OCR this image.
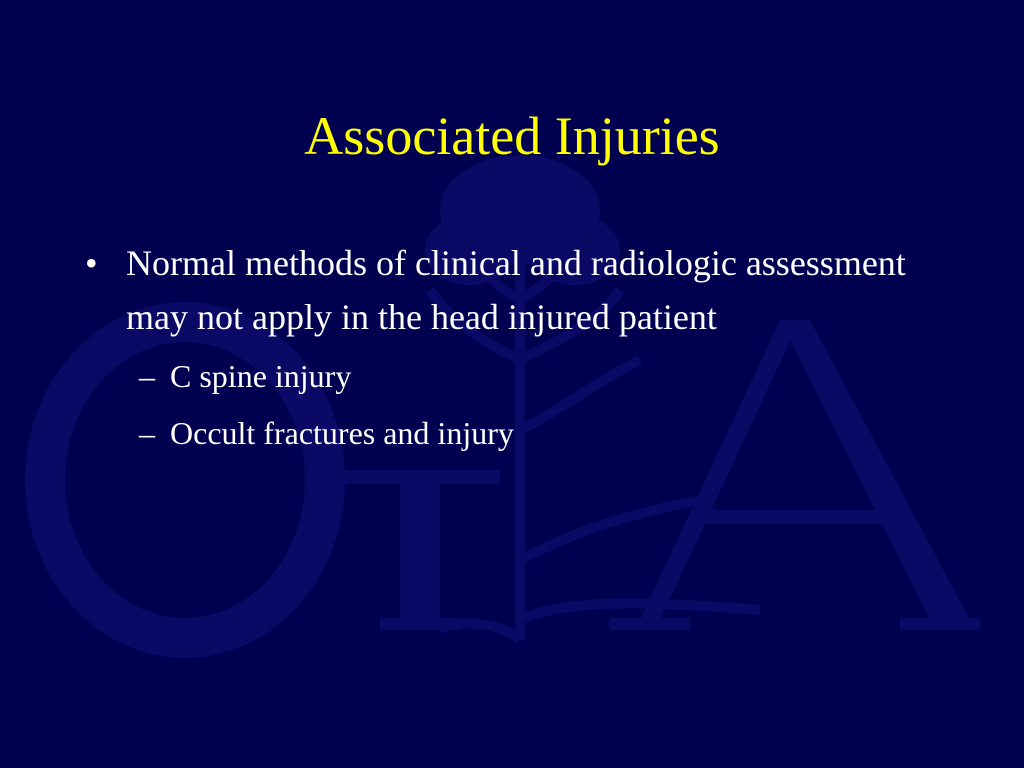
Associated Injuries
• Normal methods of clinical and radiologic assessment may not apply in the head injured patient
– C spine injury
– Occult fractures and injury
